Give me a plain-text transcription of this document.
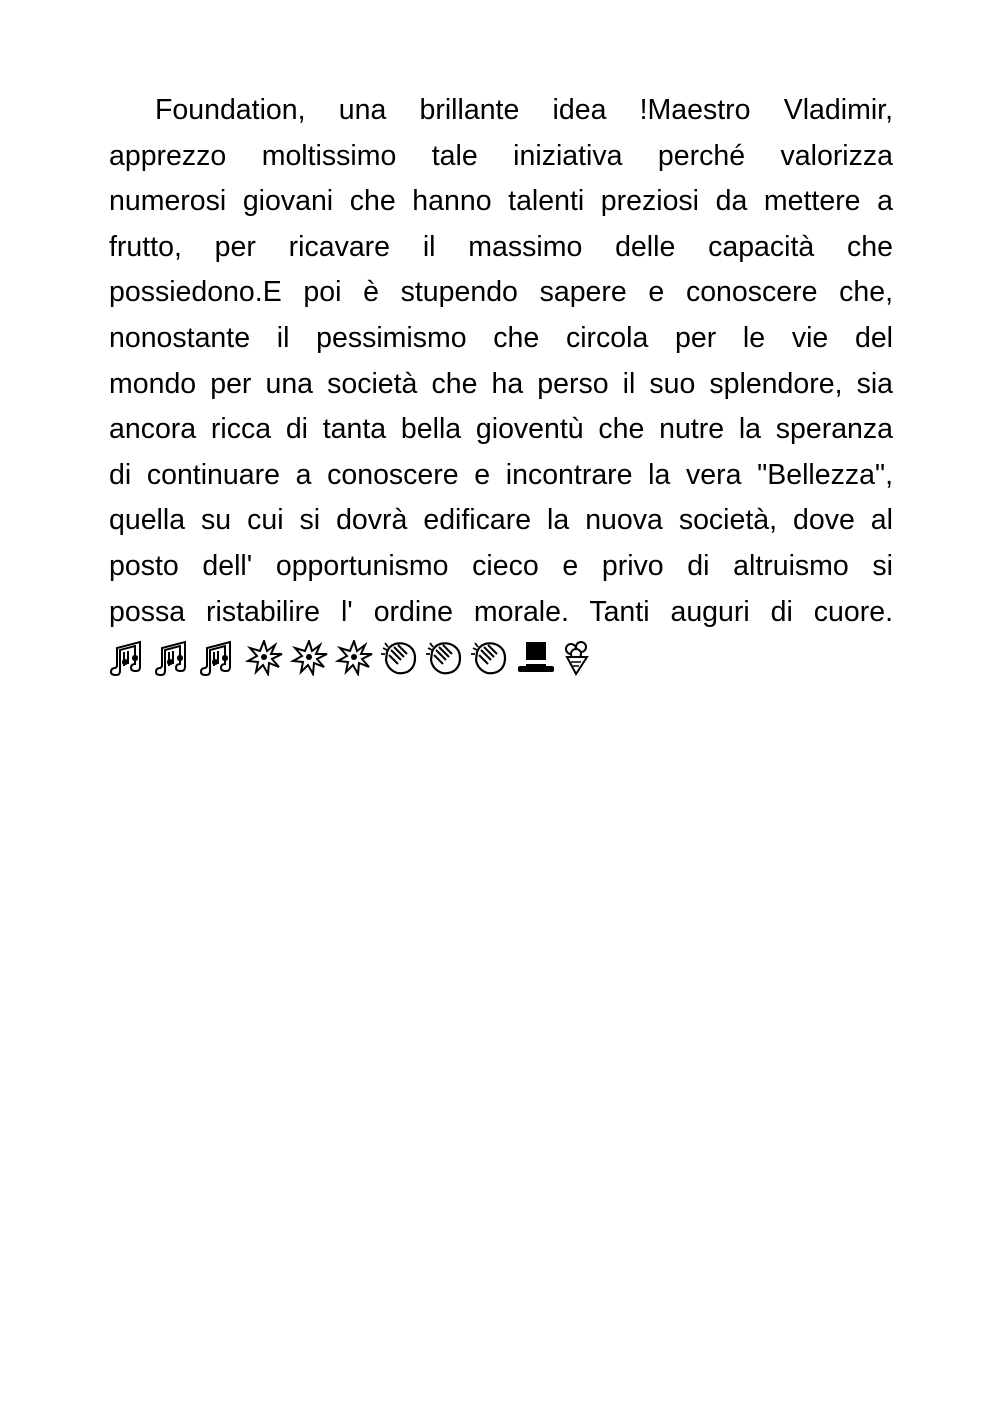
Foundation, una brillante idea !Maestro Vladimir,
apprezzo moltissimo tale iniziativa perché valorizza
numerosi giovani che hanno talenti preziosi da mettere a
frutto, per ricavare il massimo delle capacità che
possiedono.E poi è stupendo sapere e conoscere che,
nonostante il pessimismo che circola per le vie del
mondo per una società che ha perso il suo splendore, sia
ancora ricca di tanta bella gioventù che nutre la speranza
di continuare a conoscere e incontrare la vera "Bellezza",
quella su cui si dovrà edificare la nuova società, dove al
posto dell' opportunismo cieco e privo di altruismo si
possa ristabilire l' ordine morale. Tanti auguri di cuore.
